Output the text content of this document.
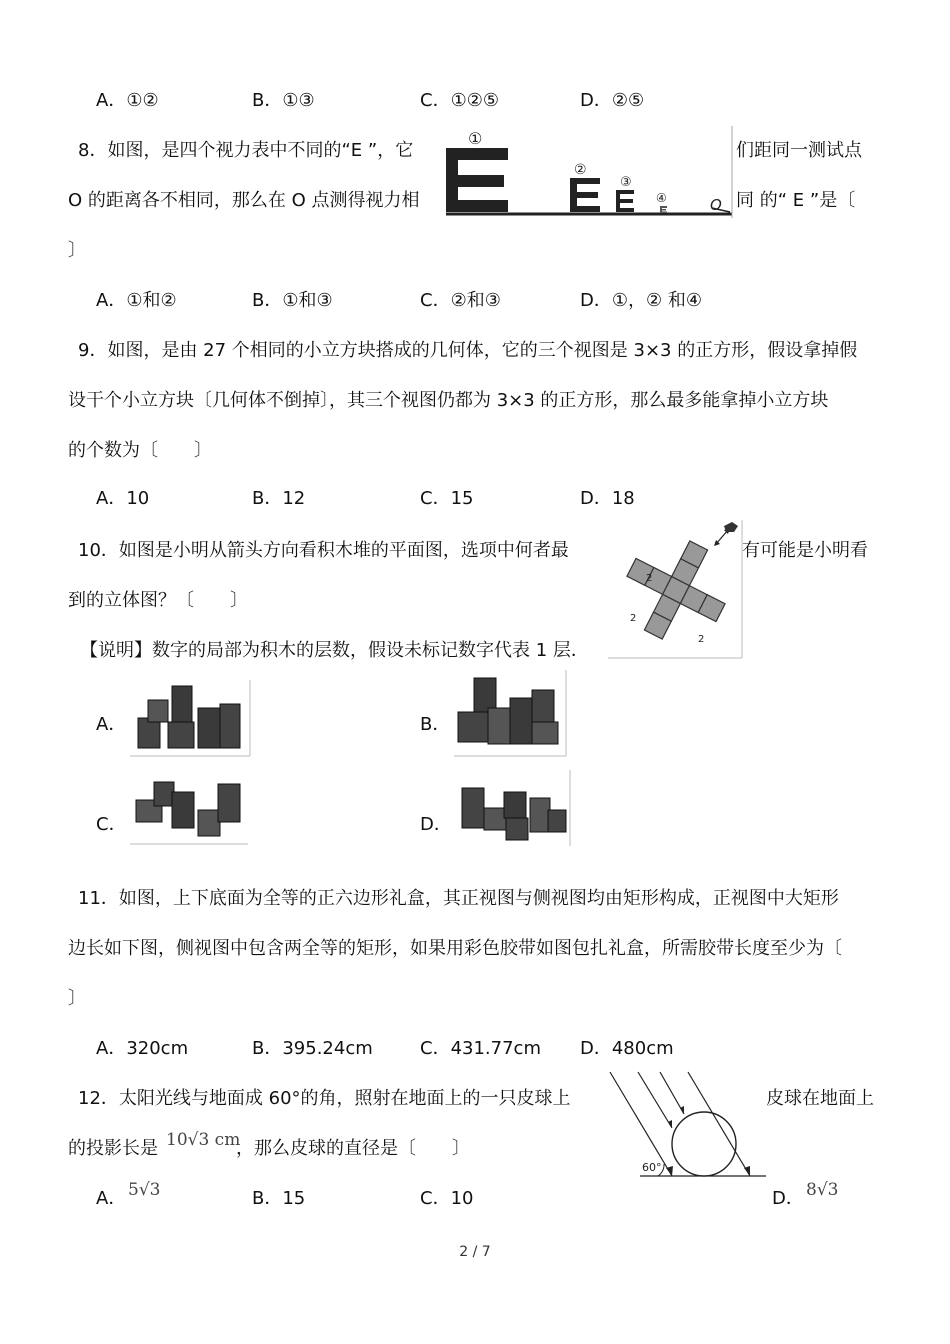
A．①②	B．①③	C．①②⑤	D．②⑤
8．如图，是四个视力表中不同的“E ”，它	们距同一测试点
O 的距离各不相同，那么在 O 点测得视力相	同 的“ E ”是〔
〕
①
②
③
④	O
A．①和②	B．①和③	C．②和③	D．①，② 和④
9．如图，是由 27 个相同的小立方块搭成的几何体，它的三个视图是 3×3 的正方形，假设拿掉假
设干个小立方块〔几何体不倒掉〕，其三个视图仍都为 3×3 的正方形，那么最多能拿掉小立方块
的个数为〔　　〕
A．10	B．12	C．15	D．18
10．如图是小明从箭头方向看积木堆的平面图，选项中何者最	有可能是小明看
到的立体图？〔　　〕
【说明】数字的局部为积木的层数，假设未标记数字代表 1 层．
2
2
2
A．	B．
C．	D．
11．如图，上下底面为全等的正六边形礼盒，其正视图与侧视图均由矩形构成，正视图中大矩形
边长如下图，侧视图中包含两全等的矩形，如果用彩色胶带如图包扎礼盒，所需胶带长度至少为〔
〕
A．320cm	B．395.24cm	C．431.77cm D．480cm
12．太阳光线与地面成 60°的角，照射在地面上的一只皮球上	皮球在地面上
的投影长是 10√3 cm
，那么皮球的直径是〔　　〕
60°
A． 5√3	B．15	C．10	D． 8√3
2 / 7
